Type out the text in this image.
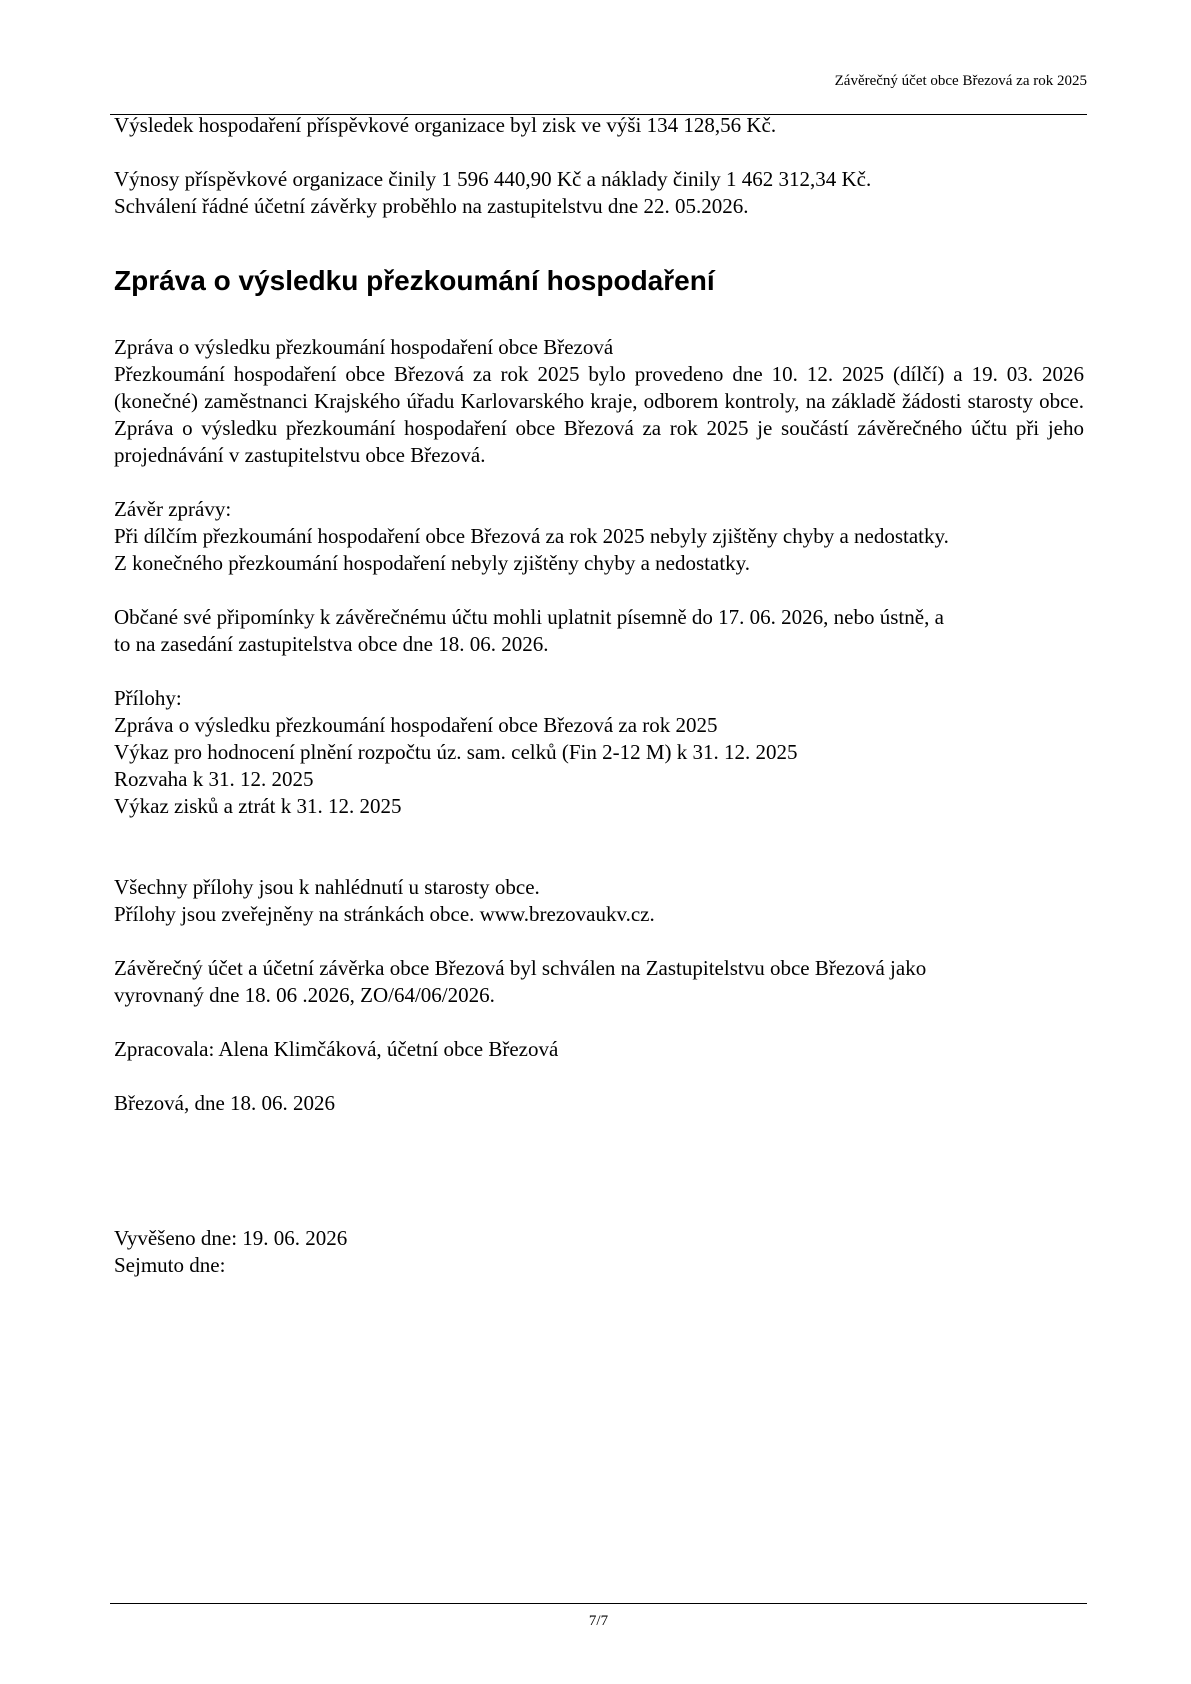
Závěrečný účet obce Březová za rok 2025

Výsledek hospodaření příspěvkové organizace byl zisk ve výši 134 128,56 Kč.

Výnosy příspěvkové organizace činily 1 596 440,90 Kč a náklady činily 1 462 312,34 Kč.

Schválení řádné účetní závěrky proběhlo na zastupitelstvu dne 22. 05.2026.

Zpráva o výsledku přezkoumání hospodaření

Zpráva o výsledku přezkoumání hospodaření obce Březová

Přezkoumání hospodaření obce Březová za rok 2025 bylo provedeno dne 10. 12. 2025 (dílčí) a 19. 03. 2026 (konečné) zaměstnanci Krajského úřadu Karlovarského kraje, odborem kontroly, na základě žádosti starosty obce. Zpráva o výsledku přezkoumání hospodaření obce Březová za rok 2025 je součástí závěrečného účtu při jeho projednávání v zastupitelstvu obce Březová.

Závěr zprávy:

Při dílčím přezkoumání hospodaření obce Březová za rok 2025 nebyly zjištěny chyby a nedostatky.

Z konečného přezkoumání hospodaření nebyly zjištěny chyby a nedostatky.

Občané své připomínky k závěrečnému účtu mohli uplatnit písemně do 17. 06. 2026, nebo ústně, a

to na zasedání zastupitelstva obce dne 18. 06. 2026.

Přílohy:

Zpráva o výsledku přezkoumání hospodaření obce Březová za rok 2025

Výkaz pro hodnocení plnění rozpočtu úz. sam. celků (Fin 2-12 M) k 31. 12. 2025

Rozvaha k 31. 12. 2025

Výkaz zisků a ztrát k 31. 12. 2025

Všechny přílohy jsou k nahlédnutí u starosty obce.

Přílohy jsou zveřejněny na stránkách obce. www.brezovaukv.cz.

Závěrečný účet a účetní závěrka obce Březová byl schválen na Zastupitelstvu obce Březová jako

vyrovnaný dne 18. 06 .2026, ZO/64/06/2026.

Zpracovala: Alena Klimčáková, účetní obce Březová

Březová, dne 18. 06. 2026

Vyvěšeno dne: 19. 06. 2026

Sejmuto dne:

7/7
